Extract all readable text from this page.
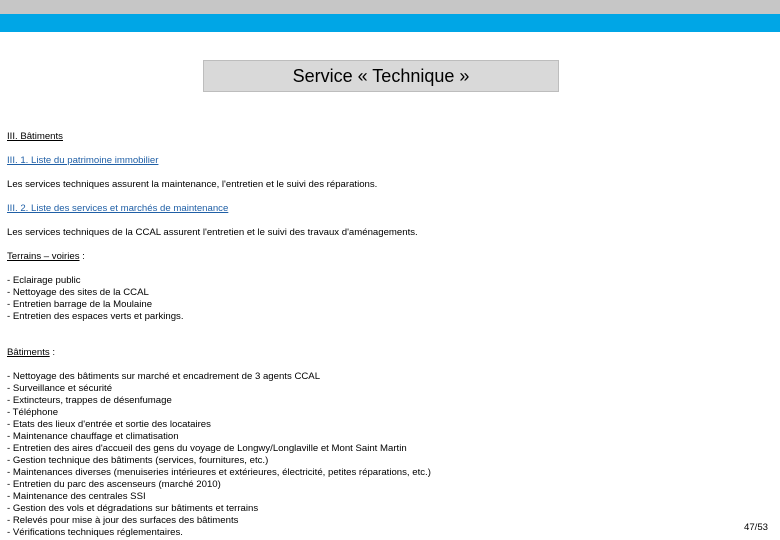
Service « Technique »
III. Bâtiments
III. 1. Liste du patrimoine immobilier
Les services techniques assurent la maintenance, l'entretien et le suivi des réparations.
III. 2. Liste des services et marchés de maintenance
Les services techniques de la CCAL assurent l'entretien et le suivi des travaux d'aménagements.
Terrains – voiries :
- Eclairage public
- Nettoyage des sites de la CCAL
- Entretien barrage de la Moulaine
- Entretien des espaces verts et parkings.
Bâtiments :
- Nettoyage des bâtiments sur marché et encadrement de 3 agents CCAL
- Surveillance et sécurité
- Extincteurs, trappes de désenfumage
- Téléphone
- Etats des lieux d'entrée et sortie des locataires
- Maintenance chauffage et climatisation
- Entretien des aires d'accueil des gens du voyage de Longwy/Longlaville et Mont Saint Martin
- Gestion technique des bâtiments (services, fournitures, etc.)
- Maintenances diverses (menuiseries intérieures et extérieures, électricité, petites réparations, etc.)
- Entretien du parc des ascenseurs (marché 2010)
- Maintenance des centrales SSI
- Gestion des vols et dégradations sur bâtiments et terrains
- Relevés pour mise à jour des surfaces des bâtiments
- Vérifications techniques réglementaires.	47/53
